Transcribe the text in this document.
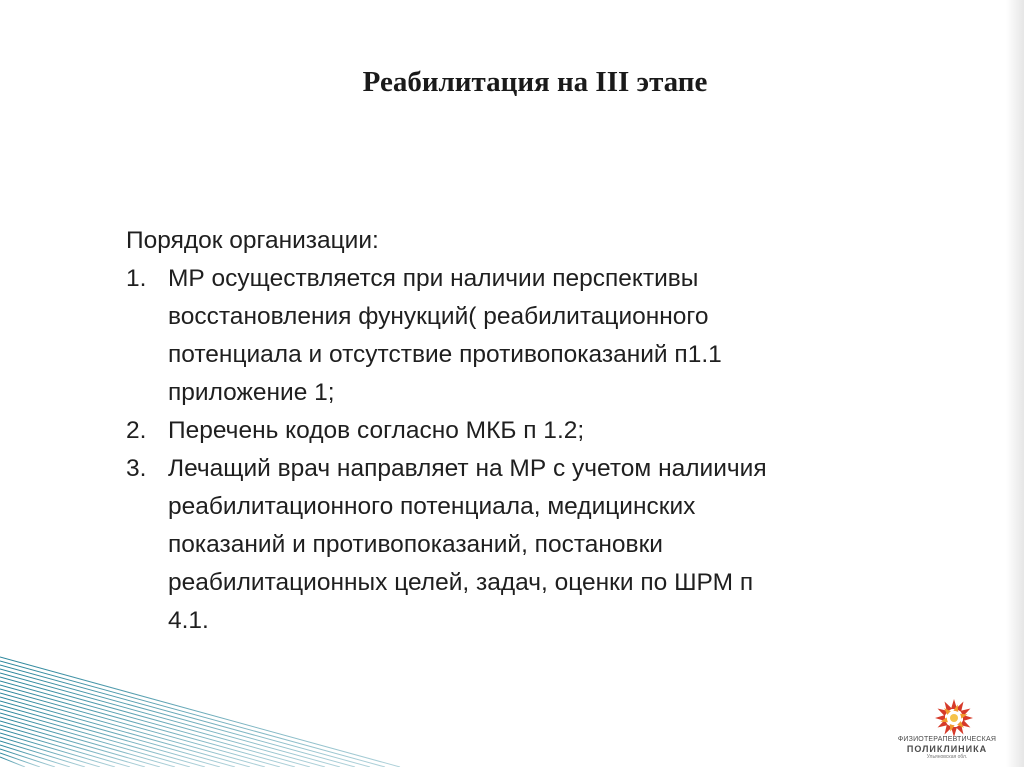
Реабилитация на III этапе

Порядок организации:

1. МР осуществляется при наличии перспективы
восстановления фунукций( реабилитационного
потенциала и отсутствие противопоказаний п1.1
приложение 1;
2. Перечень кодов согласно МКБ п 1.2;
3. Лечащий врач направляет на МР с учетом налиичия
реабилитационного потенциала, медицинских
показаний и противопоказаний, постановки
реабилитационных целей, задач, оценки по ШРМ п
4.1.
ФИЗИОТЕРАПЕВТИЧЕСКАЯ
ПОЛИКЛИНИКА
Ульяновская обл.
